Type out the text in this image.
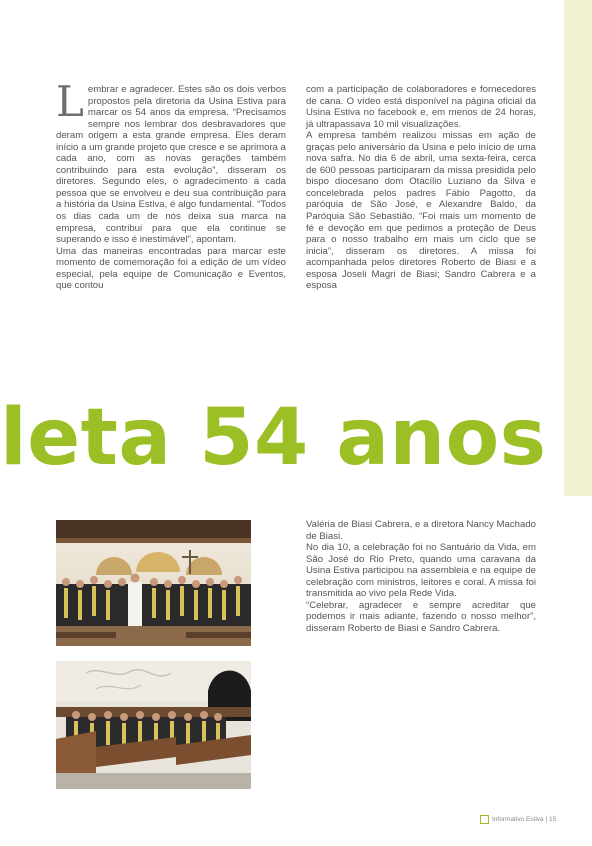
Lembrar e agradecer. Estes são os dois verbos propostos pela diretoria da Usina Estiva para marcar os 54 anos da empresa. “Precisamos sempre nos lembrar dos desbravadores que deram origem a esta grande empresa. Eles deram início a um grande projeto que cresce e se aprimora a cada ano, com as novas gerações também contribuindo para esta evolução”, disseram os diretores. Segundo eles, o agradecimento a cada pessoa que se envolveu e deu sua contribuição para a história da Usina Estiva, é algo fundamental. “Todos os dias cada um de nós deixa sua marca na empresa, contribui para que ela continue se superando e isso é inestimável”, apontam.

Uma das maneiras encontradas para marcar este momento de comemoração foi a edição de um vídeo especial, pela equipe de Comunicação e Eventos, que contou

com a participação de colaboradores e fornecedores de cana. O vídeo está disponível na página oficial da Usina Estiva no facebook e, em menos de 24 horas, já ultrapassava 10 mil visualizações.

A empresa também realizou missas em ação de graças pelo aniversário da Usina e pelo início de uma nova safra. No dia 6 de abril, uma sexta-feira, cerca de 600 pessoas participaram da missa presidida pelo bispo diocesano dom Otacílio Luziano da Silva e concelebrada pelos padres Fábio Pagotto, da paróquia de São José, e Alexandre Baldo, da Paróquia São Sebastião. “Foi mais um momento de fé e devoção em que pedimos a proteção de Deus para o nosso trabalho em mais um ciclo que se inicia”, disseram os diretores. A missa foi acompanhada pelos diretores Roberto de Biasi e a esposa Joseli Magri de Biasi; Sandro Cabrera e a esposa

leta 54 anos

Valéria de Biasi Cabrera, e a diretora Nancy Machado de Biasi.

No dia 10, a celebração foi no Santuário da Vida, em São José do Rio Preto, quando uma caravana da Usina Estiva participou na assembleia e na equipe de celebração com ministros, leitores e coral. A missa foi transmitida ao vivo pela Rede Vida.

“Celebrar, agradecer e sempre acreditar que podemos ir mais adiante, fazendo o nosso melhor”, disseram Roberto de Biasi e Sandro Cabrera.

Informativo Estiva | 15
